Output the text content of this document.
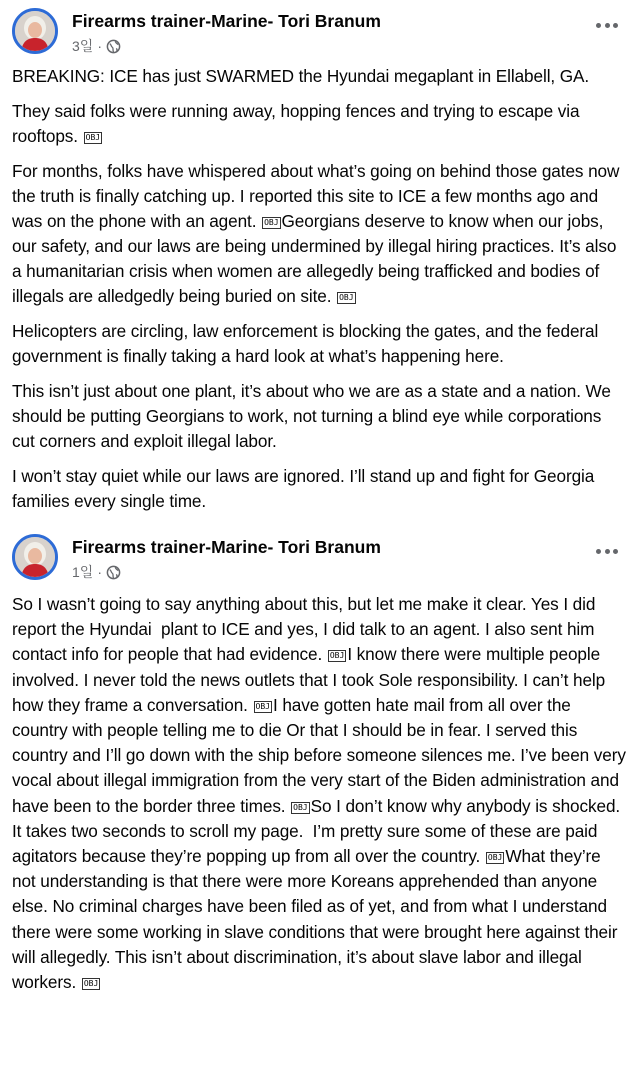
Firearms trainer-Marine- Tori Branum
3일 ·

BREAKING: ICE has just SWARMED the Hyundai megaplant in Ellabell, GA.

They said folks were running away, hopping fences and trying to escape via rooftops. OBJ

For months, folks have whispered about what’s going on behind those gates now the truth is finally catching up. I reported this site to ICE a few months ago and was on the phone with an agent. OBJ Georgians deserve to know when our jobs, our safety, and our laws are being undermined by illegal hiring practices. It’s also a humanitarian crisis when women are allegedly being trafficked and bodies of illegals are alledgedly being buried on site. OBJ

Helicopters are circling, law enforcement is blocking the gates, and the federal government is finally taking a hard look at what’s happening here.

This isn’t just about one plant, it’s about who we are as a state and a nation. We should be putting Georgians to work, not turning a blind eye while corporations cut corners and exploit illegal labor.

I won’t stay quiet while our laws are ignored. I’ll stand up and fight for Georgia families every single time.

Firearms trainer-Marine- Tori Branum
1일 ·

So I wasn’t going to say anything about this, but let me make it clear. Yes I did report the Hyundai  plant to ICE and yes, I did talk to an agent. I also sent him contact info for people that had evidence. OBJ I know there were multiple people involved. I never told the news outlets that I took Sole responsibility. I can’t help how they frame a conversation. OBJ I have gotten hate mail from all over the country with people telling me to die Or that I should be in fear. I served this country and I’ll go down with the ship before someone silences me. I’ve been very vocal about illegal immigration from the very start of the Biden administration and have been to the border three times. OBJ So I don’t know why anybody is shocked. It takes two seconds to scroll my page.  I’m pretty sure some of these are paid agitators because they’re popping up from all over the country. OBJ What they’re not understanding is that there were more Koreans apprehended than anyone else. No criminal charges have been filed as of yet, and from what I understand there were some working in slave conditions that were brought here against their will allegedly. This isn’t about discrimination, it’s about slave labor and illegal workers. OBJ
